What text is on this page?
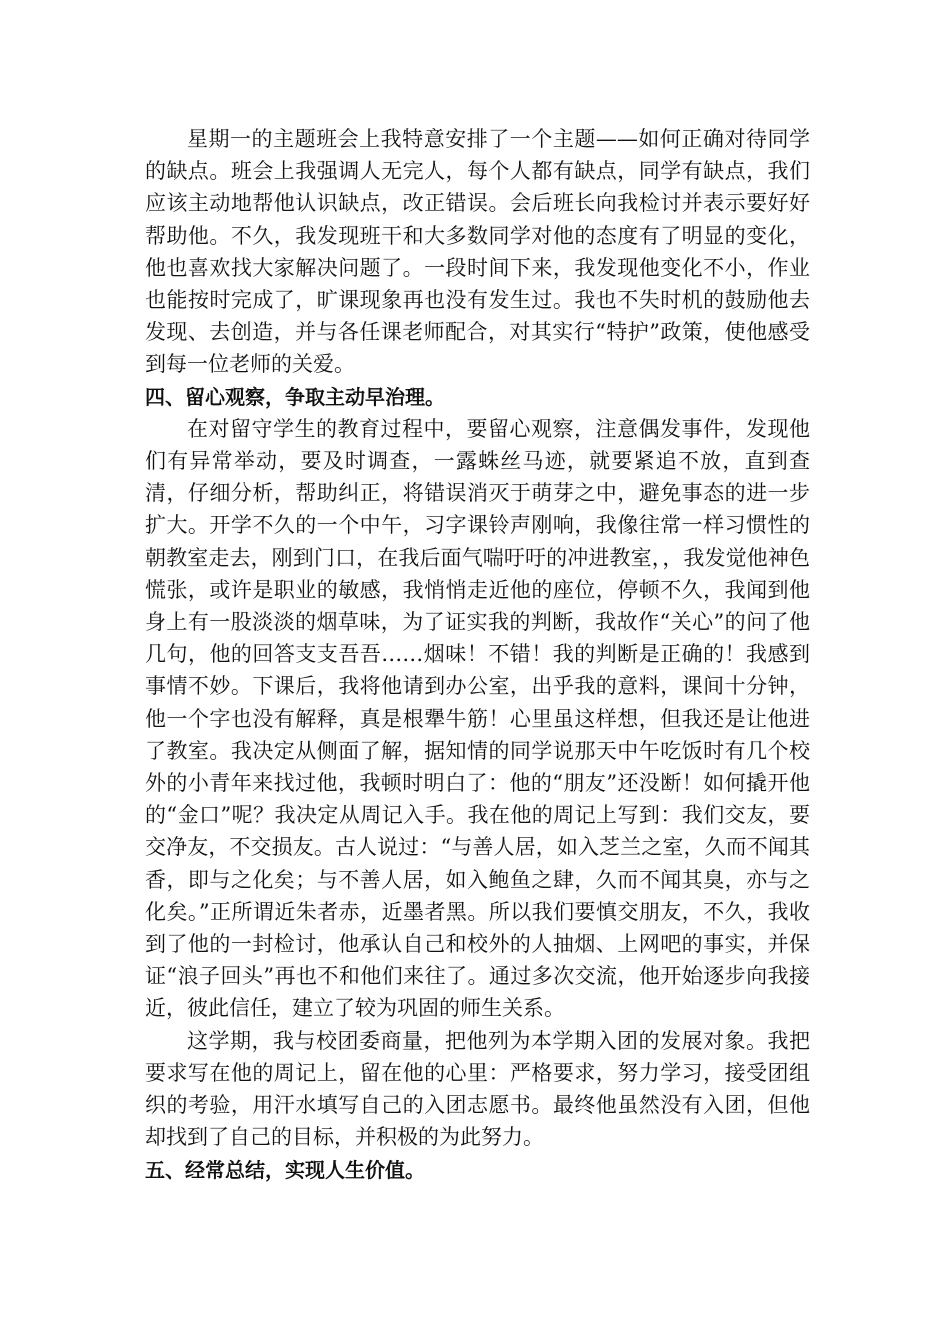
星期一的主题班会上我特意安排了一个主题——如何正确对待同学的缺点。班会上我强调人无完人，每个人都有缺点，同学有缺点，我们应该主动地帮他认识缺点，改正错误。会后班长向我检讨并表示要好好帮助他。不久，我发现班干和大多数同学对他的态度有了明显的变化，他也喜欢找大家解决问题了。一段时间下来，我发现他变化不小，作业也能按时完成了，旷课现象再也没有发生过。我也不失时机的鼓励他去发现、去创造，并与各任课老师配合，对其实行“特护”政策，使他感受到每一位老师的关爱。

四、留心观察，争取主动早治理。

在对留守学生的教育过程中，要留心观察，注意偶发事件，发现他们有异常举动，要及时调查，一露蛛丝马迹，就要紧追不放，直到查清，仔细分析，帮助纠正，将错误消灭于萌芽之中，避免事态的进一步扩大。开学不久的一个中午，习字课铃声刚响，我像往常一样习惯性的朝教室走去，刚到门口，在我后面气喘吁吁的冲进教室，，我发觉他神色慌张，或许是职业的敏感，我悄悄走近他的座位，停顿不久，我闻到他身上有一股淡淡的烟草味，为了证实我的判断，我故作“关心”的问了他几句，他的回答支支吾吾……烟味！不错！我的判断是正确的！我感到事情不妙。下课后，我将他请到办公室，出乎我的意料，课间十分钟，他一个字也没有解释，真是根犟牛筋！心里虽这样想，但我还是让他进了教室。我决定从侧面了解，据知情的同学说那天中午吃饭时有几个校外的小青年来找过他，我顿时明白了：他的“朋友”还没断！如何撬开他的“金口”呢？我决定从周记入手。我在他的周记上写到：我们交友，要交净友，不交损友。古人说过：“与善人居，如入芝兰之室，久而不闻其香，即与之化矣；与不善人居，如入鲍鱼之肆，久而不闻其臭，亦与之化矣。”正所谓近朱者赤，近墨者黑。所以我们要慎交朋友，不久，我收到了他的一封检讨，他承认自己和校外的人抽烟、上网吧的事实，并保证“浪子回头”再也不和他们来往了。通过多次交流，他开始逐步向我接近，彼此信任，建立了较为巩固的师生关系。

这学期，我与校团委商量，把他列为本学期入团的发展对象。我把要求写在他的周记上，留在他的心里：严格要求，努力学习，接受团组织的考验，用汗水填写自己的入团志愿书。最终他虽然没有入团，但他却找到了自己的目标，并积极的为此努力。

五、经常总结，实现人生价值。
